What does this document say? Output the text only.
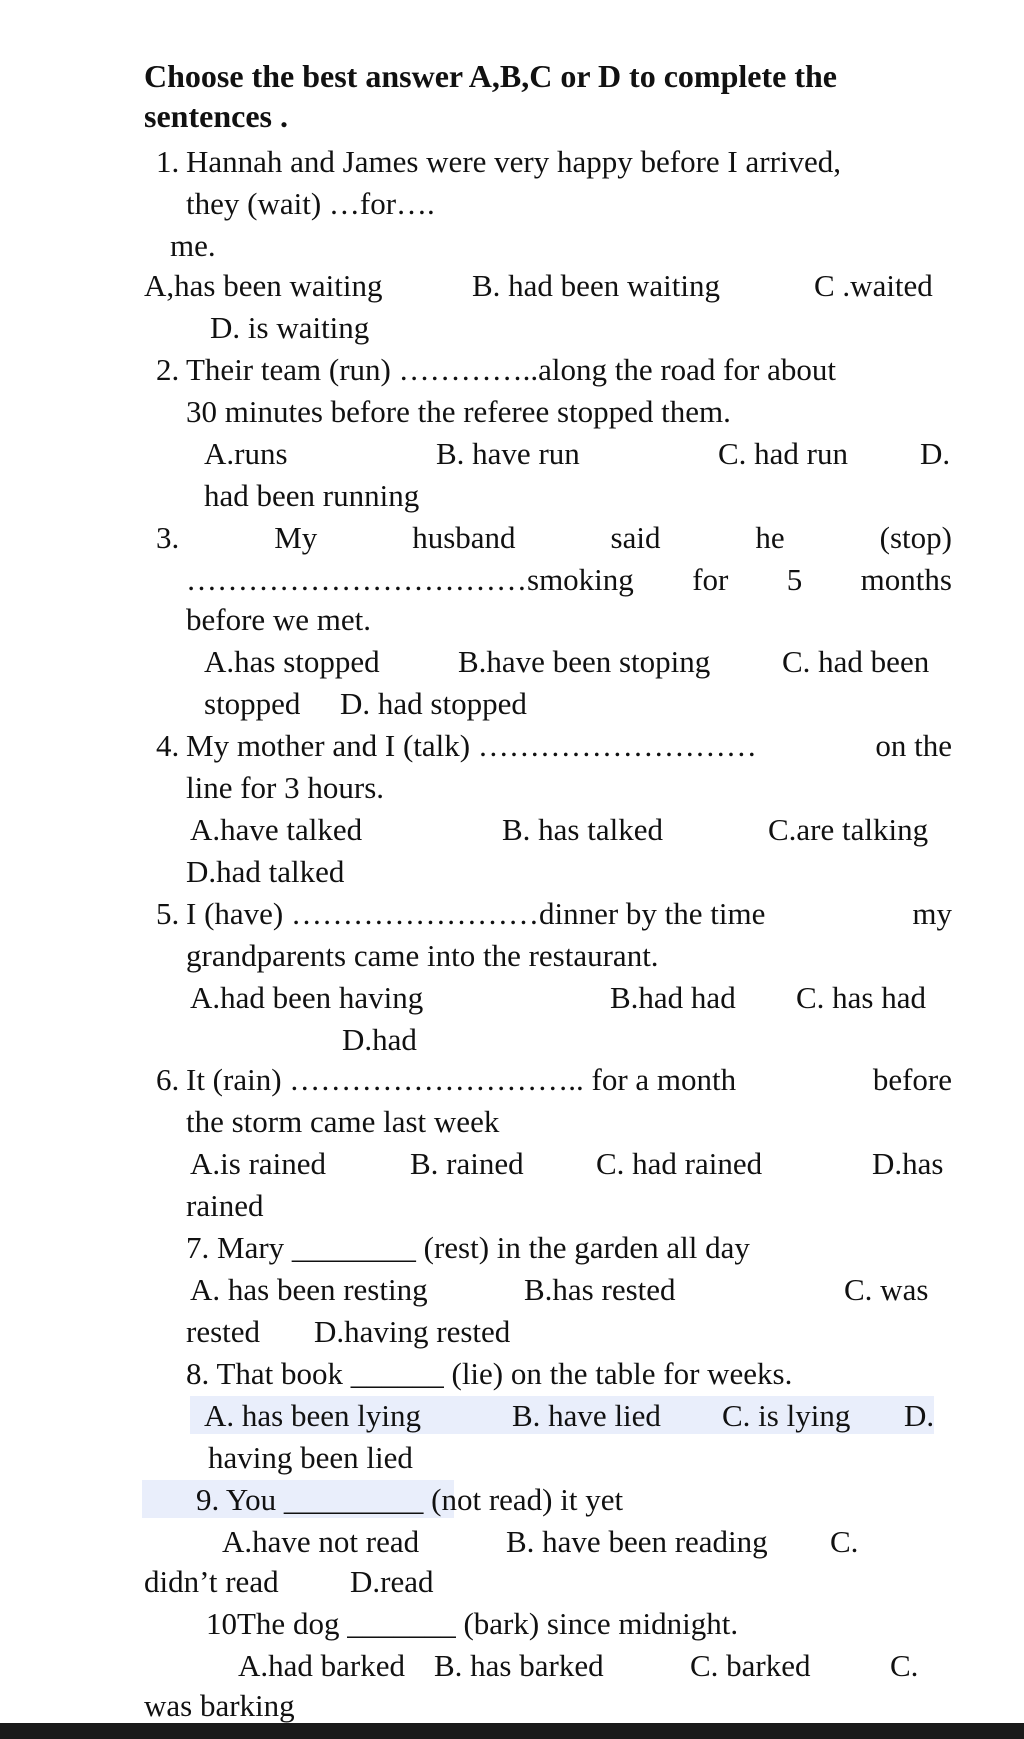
Choose the best answer A,B,C or D to complete the
sentences .
1. Hannah and James were very happy before I arrived,
they (wait) …for….
me.
A,has been waiting	B. had been waiting	C .waited
D. is waiting
2. Their team (run) …………..along the road for about
30 minutes before the referee stopped them.
A.runs	B. have run	C. had run D.
had been running
3.	My	husband	said	he	(stop)
……………………………smoking for 5 months
before we met.
A.has stopped	B.have been stoping C. had been
stopped D. had stopped
4. My mother and I (talk) ………………………	on the
line for 3 hours.
A.have talked	B. has talked	C.are talking
D.had talked
5. I (have) ……………………dinner by the time	my
grandparents came into the restaurant.
A.had been having	B.had had C. has had
D.had
6. It (rain) ……………………….. for a month	before
the storm came last week
A.is rained	B. rained C. had rained	D.has
rained
7. Mary ________ (rest) in the garden all day
A. has been resting	B.has rested	C. was
rested D.having rested
8. That book ______ (lie) on the table for weeks.
A. has been lying	B. have lied C. is lying D.
having been lied
9. You _________ (not read) it yet
A.have not read	B. have been reading C.
didn’t read D.read
10The dog _______ (bark) since midnight.
A.had barked B. has barked	C. barked	C.
was barking
